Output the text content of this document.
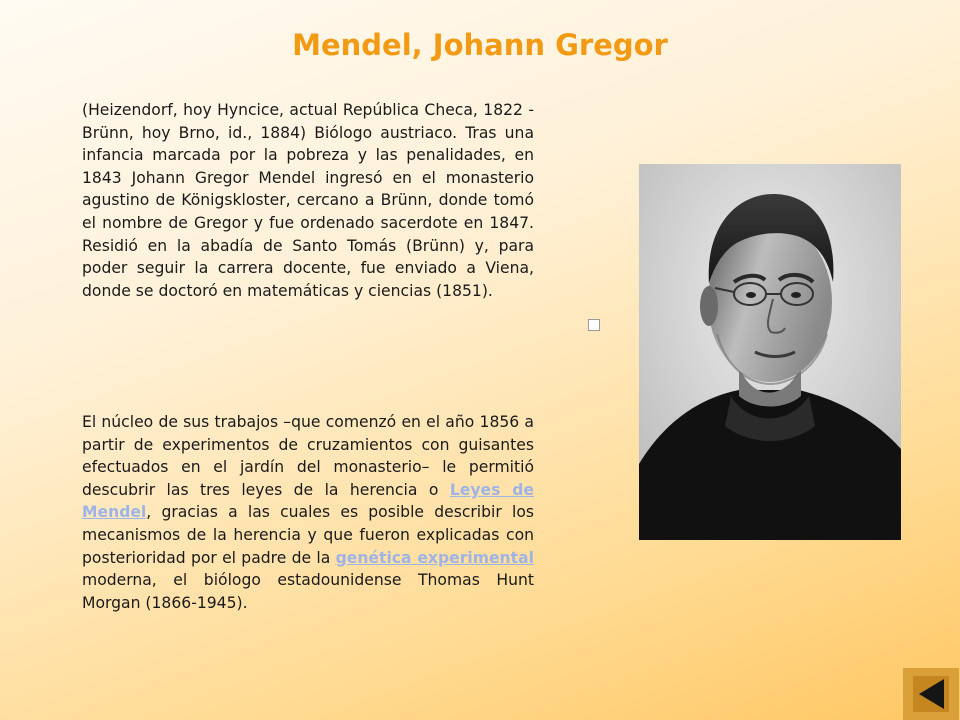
Mendel, Johann Gregor

(Heizendorf, hoy Hyncice, actual República Checa, 1822 - Brünn, hoy Brno, id., 1884) Biólogo austriaco. Tras una infancia marcada por la pobreza y las penalidades, en 1843 Johann Gregor Mendel ingresó en el monasterio agustino de Königskloster, cercano a Brünn, donde tomó el nombre de Gregor y fue ordenado sacerdote en 1847. Residió en la abadía de Santo Tomás (Brünn) y, para poder seguir la carrera docente, fue enviado a Viena, donde se doctoró en matemáticas y ciencias (1851).

El núcleo de sus trabajos –que comenzó en el año 1856 a partir de experimentos de cruzamientos con guisantes efectuados en el jardín del monasterio– le permitió descubrir las tres leyes de la herencia o Leyes de Mendel, gracias a las cuales es posible describir los mecanismos de la herencia y que fueron explicadas con posterioridad por el padre de la genética experimental moderna, el biólogo estadounidense Thomas Hunt Morgan (1866-1945).
